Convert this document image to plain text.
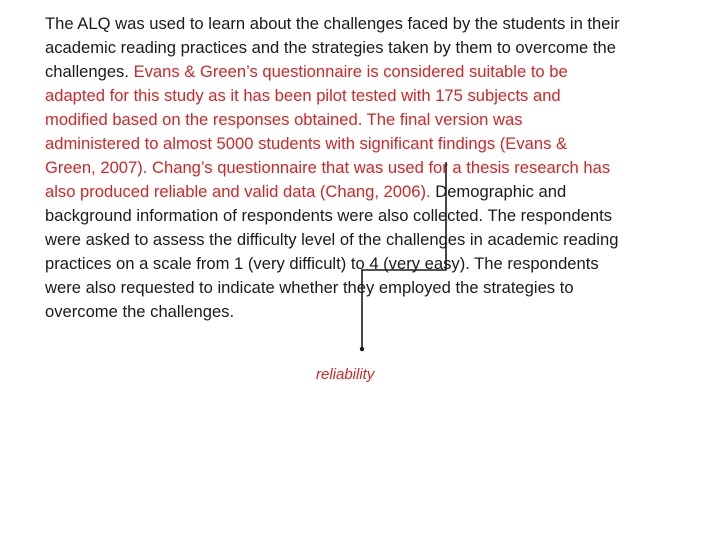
The ALQ was used to learn about the challenges faced by the students in their
academic reading practices and the strategies taken by them to overcome the
challenges. Evans & Green’s questionnaire is considered suitable to be
adapted for this study as it has been pilot tested with 175 subjects and
modified based on the responses obtained. The final version was
administered to almost 5000 students with significant findings (Evans &
Green, 2007). Chang’s questionnaire that was used for a thesis research has
also produced reliable and valid data (Chang, 2006). Demographic and
background information of respondents were also collected. The respondents
were asked to assess the difficulty level of the challenges in academic reading
practices on a scale from 1 (very difficult) to 4 (very easy). The respondents
were also requested to indicate whether they employed the strategies to
overcome the challenges.
reliability
